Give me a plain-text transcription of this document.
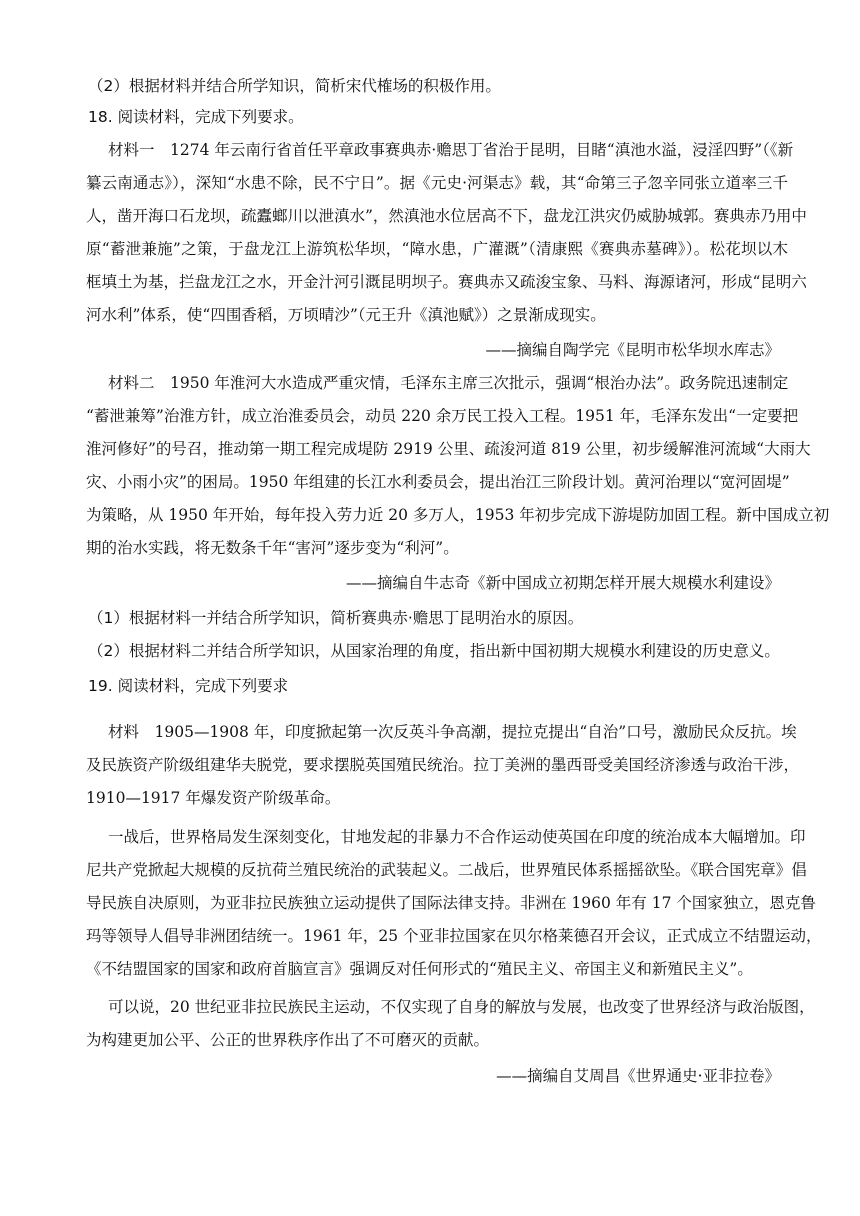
（2）根据材料并结合所学知识，简析宋代榷场的积极作用。
18. 阅读材料，完成下列要求。
材料一　1274 年云南行省首任平章政事赛典赤·赡思丁省治于昆明，目睹“滇池水溢，浸淫四野”（《新
纂云南通志》），深知“水患不除，民不宁日”。据《元史·河渠志》载，其“命第三子忽辛同张立道率三千
人，凿开海口石龙坝，疏蠹螂川以泄滇水”，然滇池水位居高不下，盘龙江洪灾仍威胁城郭。赛典赤乃用中
原“蓄泄兼施”之策，于盘龙江上游筑松华坝，“障水患，广灌溉”（清康熙《赛典赤墓碑》）。松花坝以木
框填土为基，拦盘龙江之水，开金汁河引溉昆明坝子。赛典赤又疏浚宝象、马料、海源诸河，形成“昆明六
河水利”体系，使“四围香稻，万顷晴沙”（元王升《滇池赋》）之景渐成现实。
——摘编自陶学完《昆明市松华坝水库志》
材料二　1950 年淮河大水造成严重灾情，毛泽东主席三次批示，强调“根治办法”。政务院迅速制定
“蓄泄兼筹”治淮方针，成立治淮委员会，动员 220 余万民工投入工程。1951 年，毛泽东发出“一定要把
淮河修好”的号召，推动第一期工程完成堤防 2919 公里、疏浚河道 819 公里，初步缓解淮河流域“大雨大
灾、小雨小灾”的困局。1950 年组建的长江水利委员会，提出治江三阶段计划。黄河治理以“宽河固堤”
为策略，从 1950 年开始，每年投入劳力近 20 多万人，1953 年初步完成下游堤防加固工程。新中国成立初
期的治水实践，将无数条千年“害河”逐步变为“利河”。
——摘编自牛志奇《新中国成立初期怎样开展大规模水利建设》
（1）根据材料一并结合所学知识，简析赛典赤·赡思丁昆明治水的原因。
（2）根据材料二并结合所学知识，从国家治理的角度，指出新中国初期大规模水利建设的历史意义。
19. 阅读材料，完成下列要求
材料　1905—1908 年，印度掀起第一次反英斗争高潮，提拉克提出“自治”口号，激励民众反抗。埃
及民族资产阶级组建华夫脱党，要求摆脱英国殖民统治。拉丁美洲的墨西哥受美国经济渗透与政治干涉，
1910—1917 年爆发资产阶级革命。
一战后，世界格局发生深刻变化，甘地发起的非暴力不合作运动使英国在印度的统治成本大幅增加。印
尼共产党掀起大规模的反抗荷兰殖民统治的武装起义。二战后，世界殖民体系摇摇欲坠。《联合国宪章》倡
导民族自决原则，为亚非拉民族独立运动提供了国际法律支持。非洲在 1960 年有 17 个国家独立，恩克鲁
玛等领导人倡导非洲团结统一。1961 年，25 个亚非拉国家在贝尔格莱德召开会议，正式成立不结盟运动，
《不结盟国家的国家和政府首脑宣言》强调反对任何形式的“殖民主义、帝国主义和新殖民主义”。
可以说，20 世纪亚非拉民族民主运动，不仅实现了自身的解放与发展，也改变了世界经济与政治版图，
为构建更加公平、公正的世界秩序作出了不可磨灭的贡献。
——摘编自艾周昌《世界通史·亚非拉卷》
